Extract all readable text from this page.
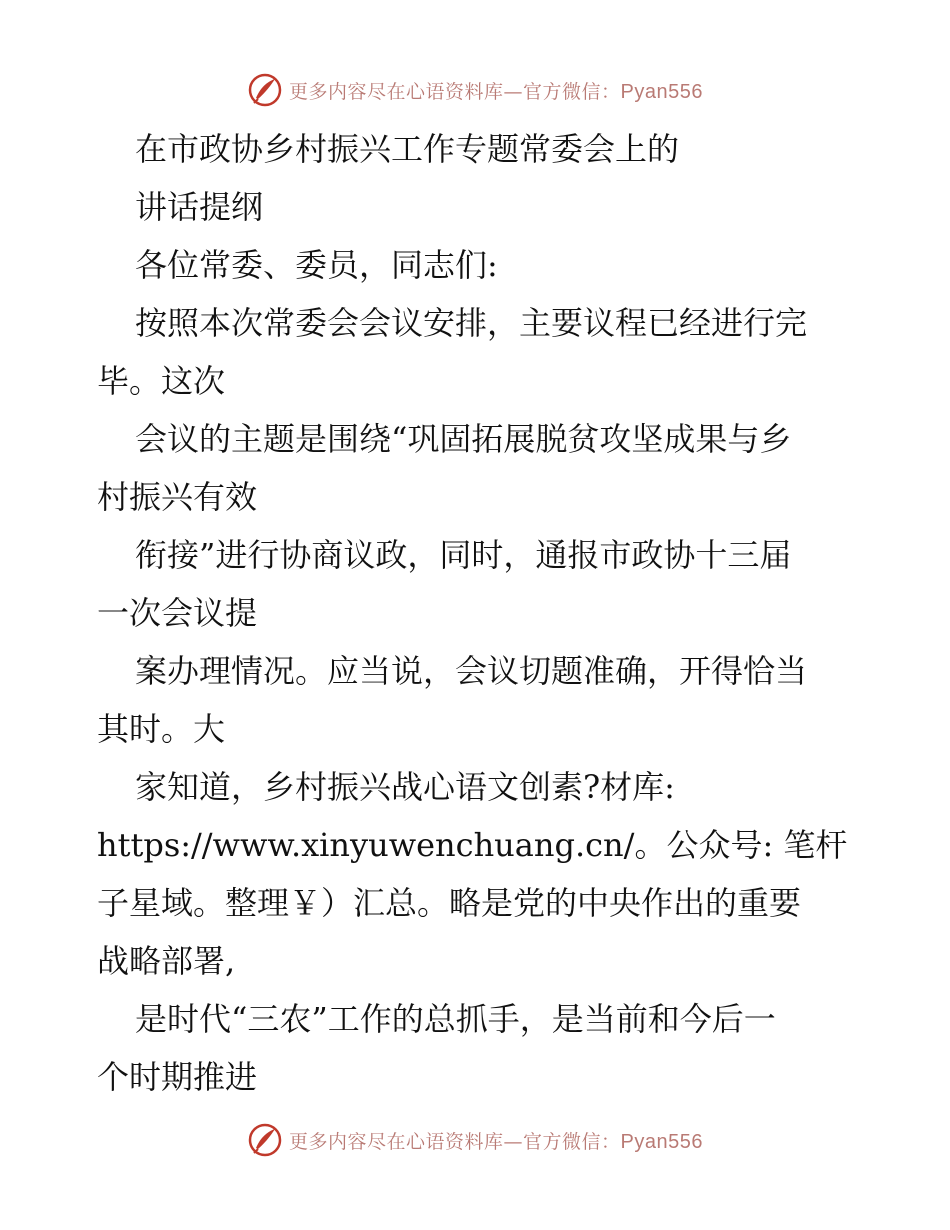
更多内容尽在心语资料库—官方微信：Pyan556
在市政协乡村振兴工作专题常委会上的
讲话提纲
各位常委、委员，同志们:
按照本次常委会会议安排，主要议程已经进行完
毕。这次
会议的主题是围绕“巩固拓展脱贫攻坚成果与乡
村振兴有效
衔接”进行协商议政，同时，通报市政协十三届
一次会议提
案办理情况。应当说，会议切题准确，开得恰当
其时。大
家知道，乡村振兴战心语文创素?材库:
https://www.xinyuwenchuang.cn/。公众号: 笔杆
子星域。整理￥）汇总。略是党的中央作出的重要
战略部署,
是时代“三农”工作的总抓手，是当前和今后一
个时期推进
更多内容尽在心语资料库—官方微信：Pyan556
